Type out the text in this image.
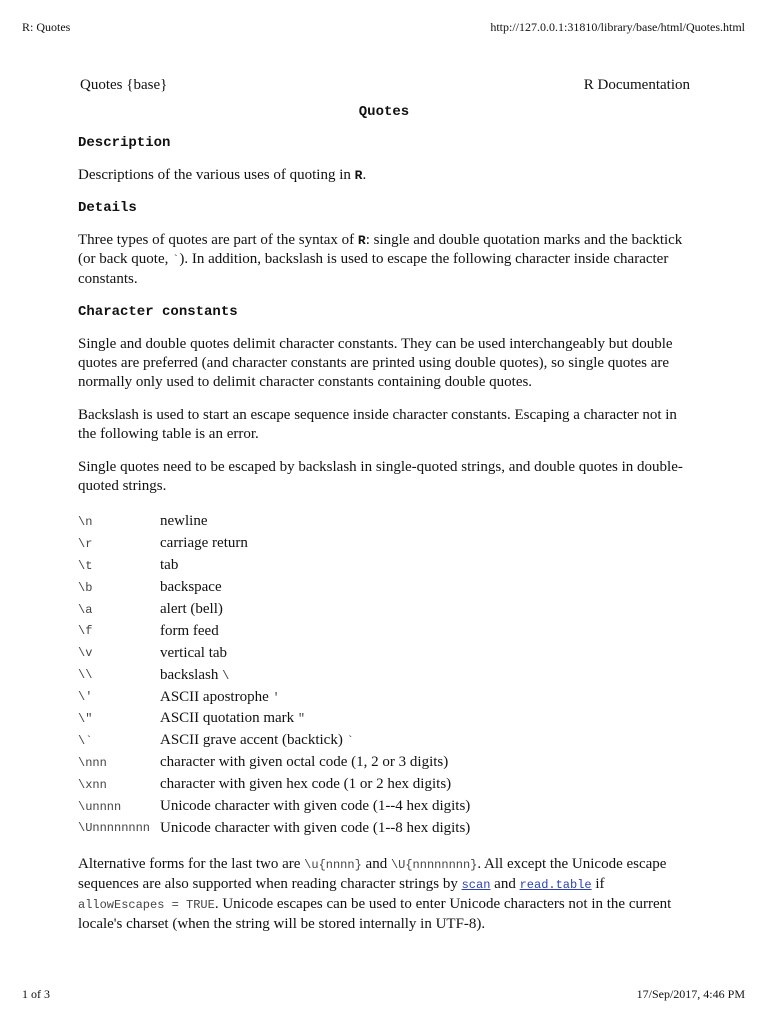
R: Quotes	http://127.0.0.1:31810/library/base/html/Quotes.html
Quotes {base}	R Documentation
Quotes
Description

Descriptions of the various uses of quoting in R.

Details

Three types of quotes are part of the syntax of R: single and double quotation marks and the backtick (or back quote, `). In addition, backslash is used to escape the following character inside character constants.

Character constants

Single and double quotes delimit character constants. They can be used interchangeably but double quotes are preferred (and character constants are printed using double quotes), so single quotes are normally only used to delimit character constants containing double quotes.

Backslash is used to start an escape sequence inside character constants. Escaping a character not in the following table is an error.

Single quotes need to be escaped by backslash in single-quoted strings, and double quotes in double-quoted strings.

\n	newline
\r	carriage return
\t	tab
\b	backspace
\a	alert (bell)
\f	form feed
\v	vertical tab
\\	backslash \
\'	ASCII apostrophe '
\"	ASCII quotation mark "
\`	ASCII grave accent (backtick) `
\nnn	character with given octal code (1, 2 or 3 digits)
\xnn	character with given hex code (1 or 2 hex digits)
\unnnn	Unicode character with given code (1--4 hex digits)
\Unnnnnnnn	Unicode character with given code (1--8 hex digits)

Alternative forms for the last two are \u{nnnn} and \U{nnnnnnnn}. All except the Unicode escape sequences are also supported when reading character strings by scan and read.table if allowEscapes = TRUE. Unicode escapes can be used to enter Unicode characters not in the current locale's charset (when the string will be stored internally in UTF-8).

1 of 3	17/Sep/2017, 4:46 PM
